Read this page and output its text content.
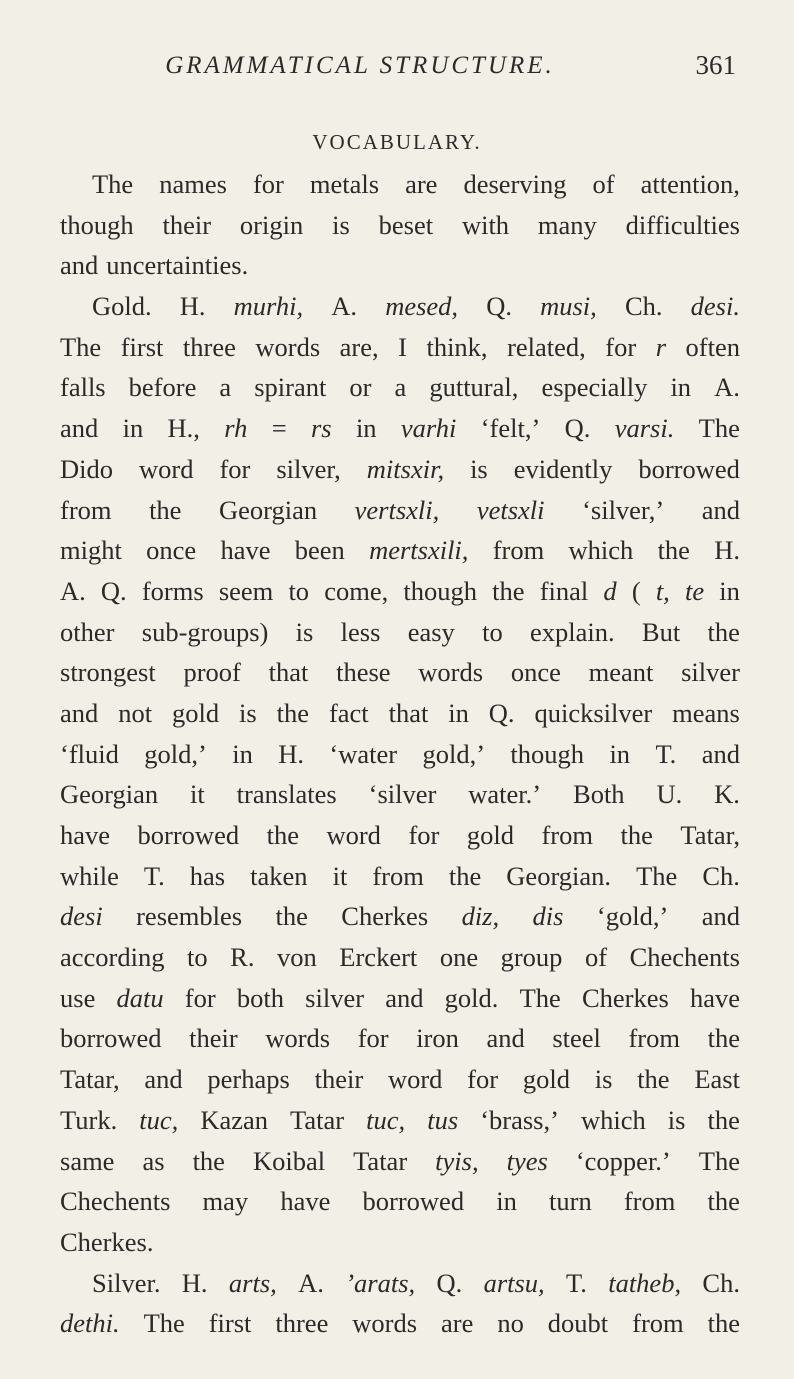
GRAMMATICAL STRUCTURE.	361
VOCABULARY.
The names for metals are deserving of attention,
though their origin is beset with many difficulties
and uncertainties.
Gold. H. murhi, A. mesed, Q. musi, Ch. desi.
The first three words are, I think, related, for r often
falls before a spirant or a guttural, especially in A.
and in H., rh = rs in varhi ‘felt,’ Q. varsi. The
Dido word for silver, mitsxir, is evidently borrowed
from the Georgian vertsxli, vetsxli ‘silver,’ and
might once have been mertsxili, from which the H.
A. Q. forms seem to come, though the final d ( t, te in
other sub-groups) is less easy to explain. But the
strongest proof that these words once meant silver
and not gold is the fact that in Q. quicksilver means
‘fluid gold,’ in H. ‘water gold,’ though in T. and
Georgian it translates ‘silver water.’ Both U. K.
have borrowed the word for gold from the Tatar,
while T. has taken it from the Georgian. The Ch.
desi resembles the Cherkes diz, dis ‘gold,’ and
according to R. von Erckert one group of Chechents
use datu for both silver and gold. The Cherkes have
borrowed their words for iron and steel from the
Tatar, and perhaps their word for gold is the East
Turk. tuc, Kazan Tatar tuc, tus ‘brass,’ which is the
same as the Koibal Tatar tyis, tyes ‘copper.’ The
Chechents may have borrowed in turn from the
Cherkes.
Silver. H. arts, A. ’arats, Q. artsu, T. tatheb, Ch.
dethi. The first three words are no doubt from the
